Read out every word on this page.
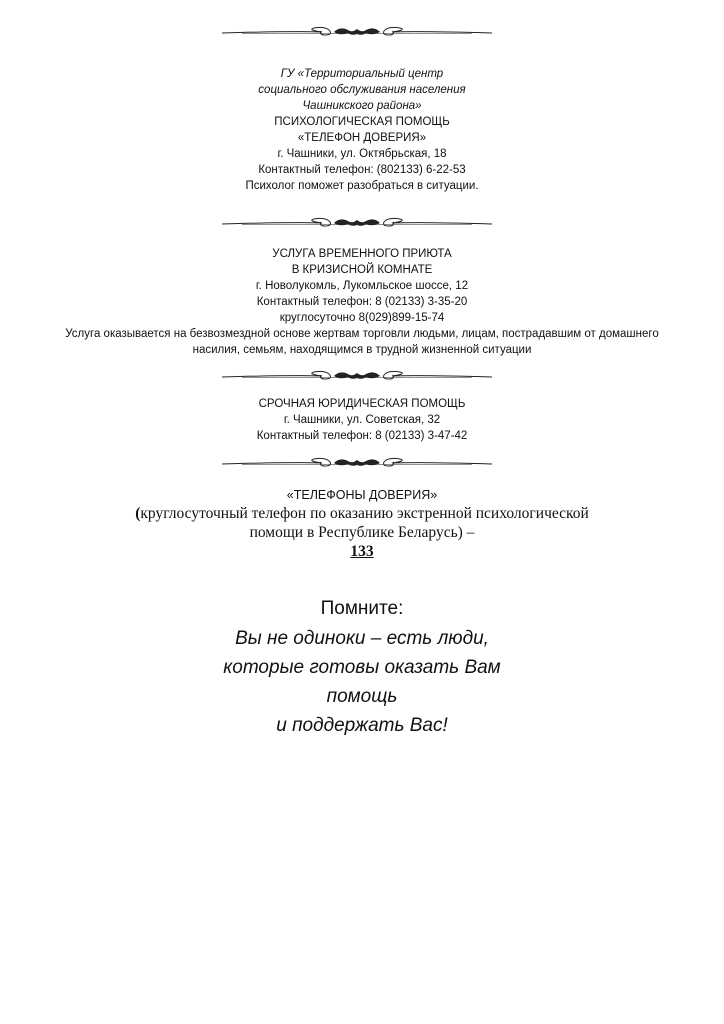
ГУ «Территориальный центр
социального обслуживания населения
Чашникского района»
ПСИХОЛОГИЧЕСКАЯ ПОМОЩЬ
«ТЕЛЕФОН ДОВЕРИЯ»
г. Чашники, ул. Октябрьская, 18
Контактный телефон: (802133) 6-22-53
Психолог поможет разобраться в ситуации.
УСЛУГА ВРЕМЕННОГО ПРИЮТА
В КРИЗИСНОЙ КОМНАТЕ
г. Новолукомль, Лукомльское шоссе, 12
Контактный телефон: 8 (02133) 3-35-20
круглосуточно 8(029)899-15-74
Услуга оказывается на безвозмездной основе жертвам торговли людьми, лицам, пострадавшим от домашнего
насилия, семьям, находящимся в трудной жизненной ситуации
СРОЧНАЯ ЮРИДИЧЕСКАЯ ПОМОЩЬ
г. Чашники, ул. Советская, 32
Контактный телефон: 8 (02133) 3-47-42
«ТЕЛЕФОНЫ ДОВЕРИЯ»
(круглосуточный телефон по оказанию экстренной психологической
помощи в Республике Беларусь) –
133
Помните:
Вы не одиноки – есть люди,
которые готовы оказать Вам
помощь
и поддержать Вас!
